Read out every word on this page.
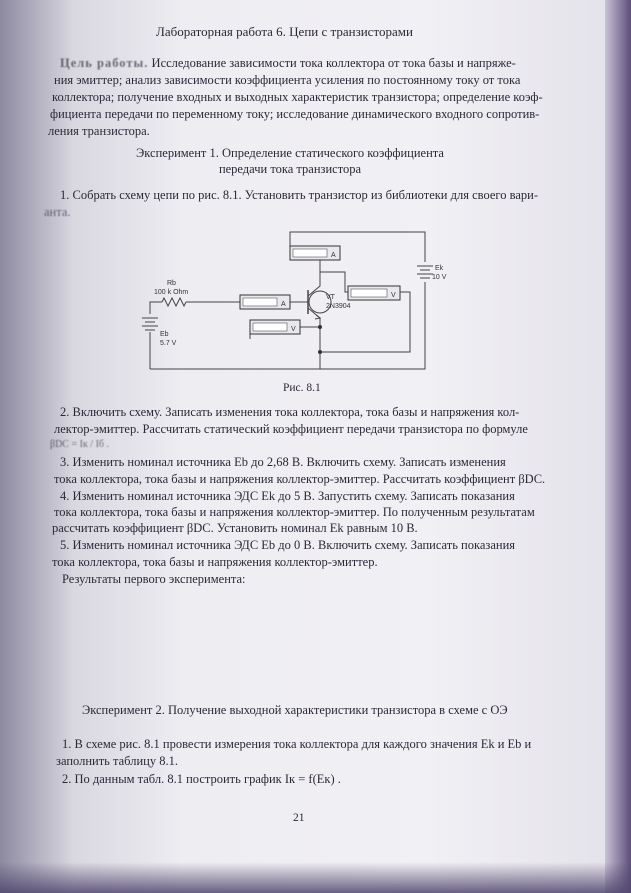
Лабораторная работа 6. Цепи с транзисторами
Цель работы. Исследование зависимости тока коллектора от тока базы и напряже-
ния эмиттер; анализ зависимости коэффициента усиления по постоянному току от тока
коллектора; получение входных и выходных характеристик транзистора; определение коэф-
фициента передачи по переменному току; исследование динамического входного сопротив-
ления транзистора.
Эксперимент 1. Определение статического коэффициента
передачи тока транзистора
1. Собрать схему цепи по рис. 8.1. Установить транзистор из библиотеки для своего вари-
анта.
A
A
V
V
Rb
100 k Ohm
Eb
5.7 V
Ek
10 V
VT
2N3904
Рис. 8.1
2. Включить схему. Записать изменения тока коллектора, тока базы и напряжения кол-
лектор-эмиттер. Рассчитать статический коэффициент передачи транзистора по формуле
βDC = Iк / Iб .
3. Изменить номинал источника Eb до 2,68 В. Включить схему. Записать изменения
тока коллектора, тока базы и напряжения коллектор-эмиттер. Рассчитать коэффициент βDC.
4. Изменить номинал источника ЭДС Ek до 5 В. Запустить схему. Записать показания
тока коллектора, тока базы и напряжения коллектор-эмиттер. По полученным результатам
рассчитать коэффициент βDC. Установить номинал Ek равным 10 В.
5. Изменить номинал источника ЭДС Eb до 0 В. Включить схему. Записать показания
тока коллектора, тока базы и напряжения коллектор-эмиттер.
Результаты первого эксперимента:
Эксперимент 2. Получение выходной характеристики транзистора в схеме с ОЭ
1. В схеме рис. 8.1 провести измерения тока коллектора для каждого значения Ek и Eb и
заполнить таблицу 8.1.
2. По данным табл. 8.1 построить график Iк = f(Eк) .
21
